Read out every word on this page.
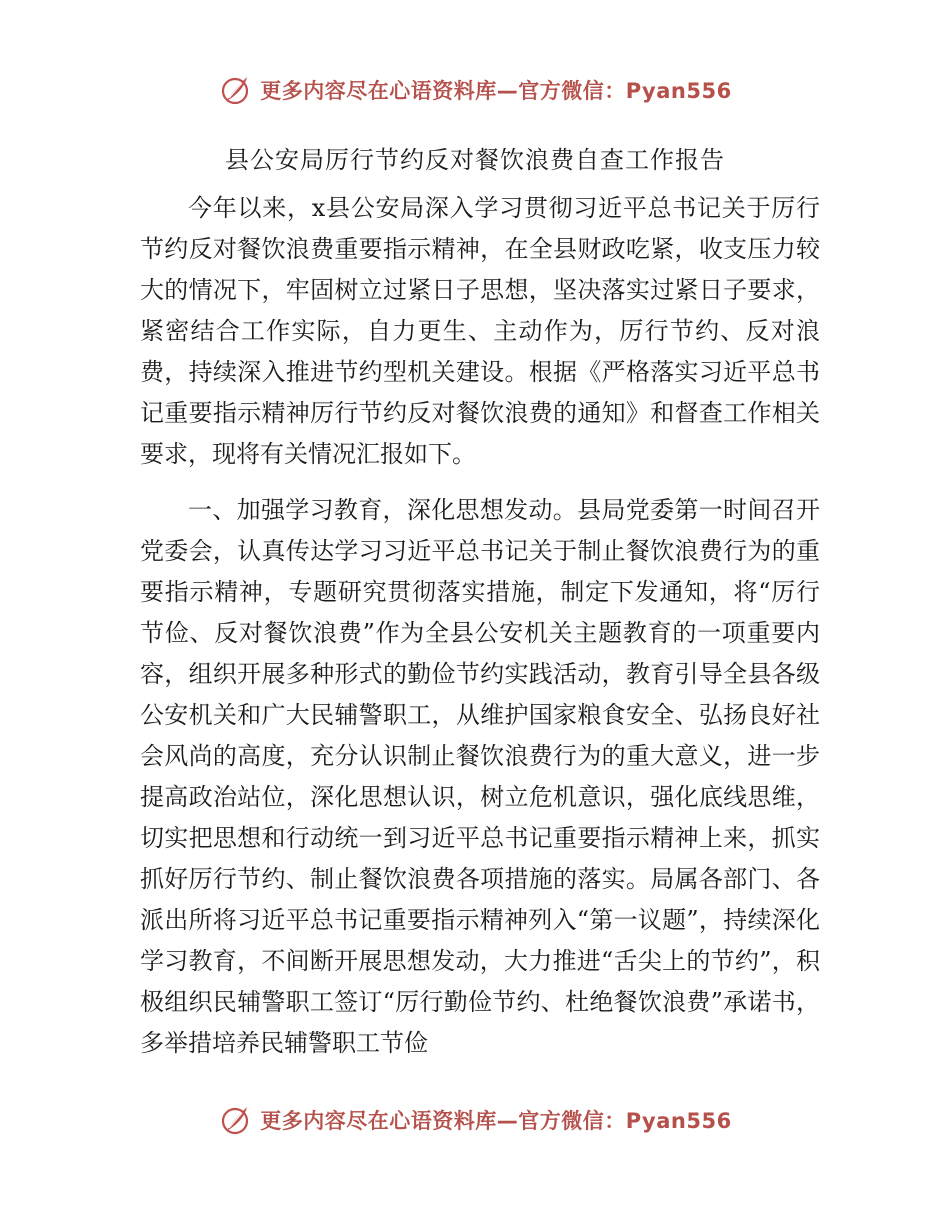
更多内容尽在心语资料库—官方微信：Pyan556
县公安局厉行节约反对餐饮浪费自查工作报告

今年以来，x县公安局深入学习贯彻习近平总书记关于厉行节约反对餐饮浪费重要指示精神，在全县财政吃紧，收支压力较大的情况下，牢固树立过紧日子思想，坚决落实过紧日子要求，紧密结合工作实际，自力更生、主动作为，厉行节约、反对浪费，持续深入推进节约型机关建设。根据《严格落实习近平总书记重要指示精神厉行节约反对餐饮浪费的通知》和督查工作相关要求，现将有关情况汇报如下。

一、加强学习教育，深化思想发动。县局党委第一时间召开党委会，认真传达学习习近平总书记关于制止餐饮浪费行为的重要指示精神，专题研究贯彻落实措施，制定下发通知，将“厉行节俭、反对餐饮浪费”作为全县公安机关主题教育的一项重要内容，组织开展多种形式的勤俭节约实践活动，教育引导全县各级公安机关和广大民辅警职工，从维护国家粮食安全、弘扬良好社会风尚的高度，充分认识制止餐饮浪费行为的重大意义，进一步提高政治站位，深化思想认识，树立危机意识，强化底线思维，切实把思想和行动统一到习近平总书记重要指示精神上来，抓实抓好厉行节约、制止餐饮浪费各项措施的落实。局属各部门、各派出所将习近平总书记重要指示精神列入“第一议题”，持续深化学习教育，不间断开展思想发动，大力推进“舌尖上的节约”，积极组织民辅警职工签订“厉行勤俭节约、杜绝餐饮浪费”承诺书，多举措培养民辅警职工节俭

更多内容尽在心语资料库—官方微信：Pyan556
